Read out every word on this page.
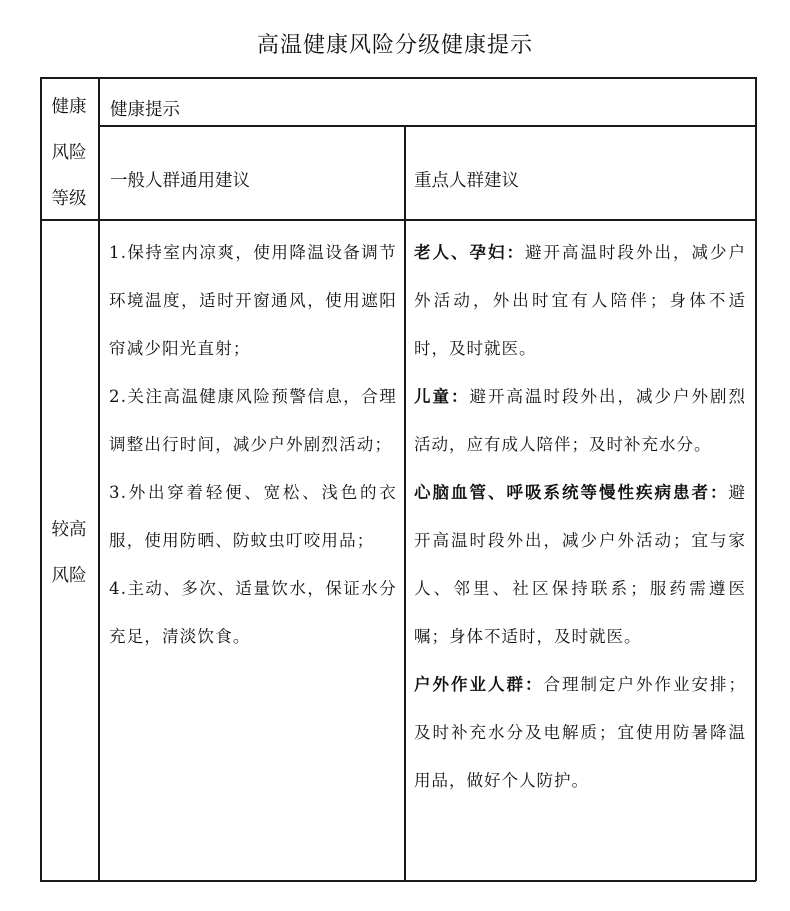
高温健康风险分级健康提示
健康
风险
等级
健康提示
一般人群通用建议	重点人群建议
较高
风险

1.保持室内凉爽，使用降温设备调节环境温度，适时开窗通风，使用遮阳帘减少阳光直射；

2.关注高温健康风险预警信息，合理调整出行时间，减少户外剧烈活动；

3.外出穿着轻便、宽松、浅色的衣服，使用防晒、防蚊虫叮咬用品；

4.主动、多次、适量饮水，保证水分充足，清淡饮食。

老人、孕妇：避开高温时段外出，减少户外活动，外出时宜有人陪伴；身体不适时，及时就医。

儿童：避开高温时段外出，减少户外剧烈活动，应有成人陪伴；及时补充水分。

心脑血管、呼吸系统等慢性疾病患者：避开高温时段外出，减少户外活动；宜与家人、邻里、社区保持联系；服药需遵医嘱；身体不适时，及时就医。

户外作业人群：合理制定户外作业安排；及时补充水分及电解质；宜使用防暑降温用品，做好个人防护。
